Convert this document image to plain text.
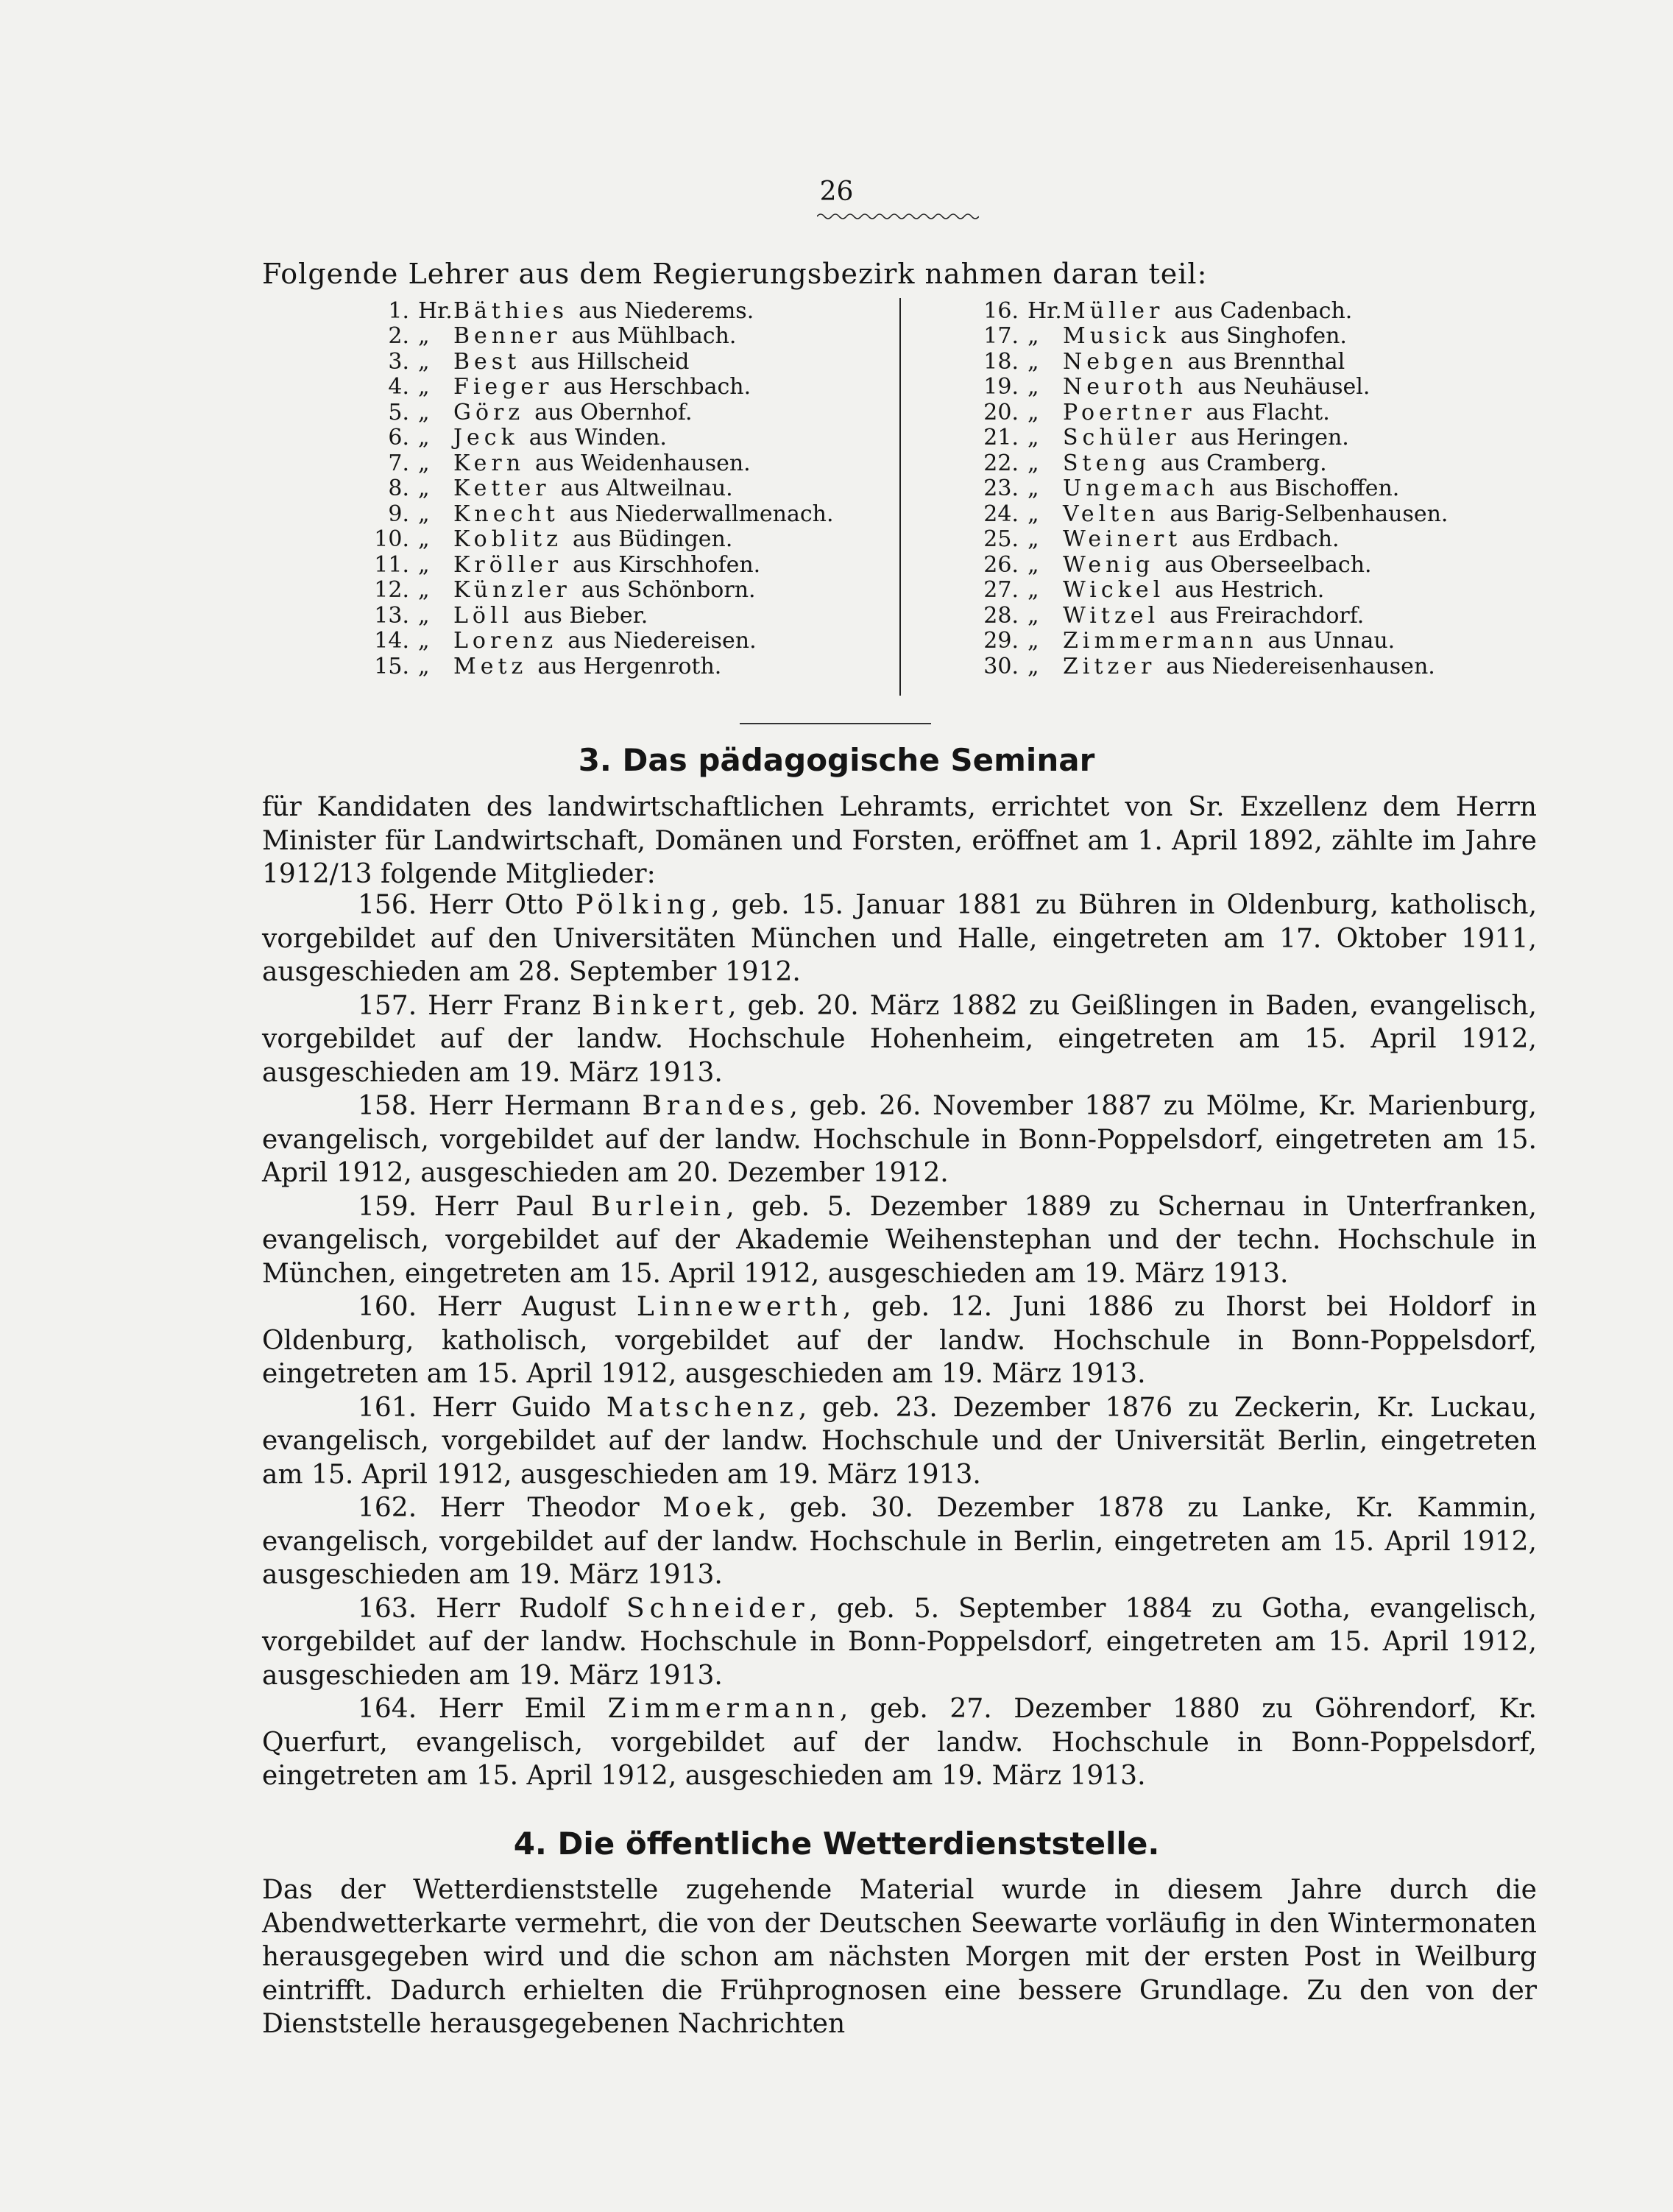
26
Folgende Lehrer aus dem Regierungsbezirk nahmen daran teil:
1. Hr. Bäthies aus Niederems.
2. „	Benner aus Mühlbach.
3. „	Best aus Hillscheid
4. „	Fieger aus Herschbach.
5. „	Görz aus Obernhof.
6. „	Jeck aus Winden.
7. „	Kern aus Weidenhausen.
8. „	Ketter aus Altweilnau.
9. „	Knecht aus Niederwallmenach.
10. „	Koblitz aus Büdingen.
11. „	Kröller aus Kirschhofen.
12. „	Künzler aus Schönborn.
13. „	Löll aus Bieber.
14. „	Lorenz aus Niedereisen.
15. „	Metz aus Hergenroth.
16. Hr. Müller aus Cadenbach.
17. „	Musick aus Singhofen.
18. „	Nebgen aus Brennthal
19. „	Neuroth aus Neuhäusel.
20. „	Poertner aus Flacht.
21. „	Schüler aus Heringen.
22. „	Steng aus Cramberg.
23. „	Ungemach aus Bischoffen.
24. „	Velten aus Barig-Selbenhausen.
25. „	Weinert aus Erdbach.
26. „	Wenig aus Oberseelbach.
27. „	Wickel aus Hestrich.
28. „	Witzel aus Freirachdorf.
29. „	Zimmermann aus Unnau.
30. „	Zitzer aus Niedereisenhausen.
3. Das pädagogische Seminar

für Kandidaten des landwirtschaftlichen Lehramts, errichtet von Sr. Exzellenz dem Herrn Minister für Landwirtschaft, Domänen und Forsten, eröffnet am 1. April 1892, zählte im Jahre 1912/13 folgende Mitglieder:

156. Herr Otto Pölking, geb. 15. Januar 1881 zu Bühren in Oldenburg, katholisch, vorgebildet auf den Universitäten München und Halle, eingetreten am 17. Oktober 1911, ausgeschieden am 28. September 1912.

157. Herr Franz Binkert, geb. 20. März 1882 zu Geißlingen in Baden, evangelisch, vorgebildet auf der landw. Hochschule Hohenheim, eingetreten am 15. April 1912, ausgeschieden am 19. März 1913.

158. Herr Hermann Brandes, geb. 26. November 1887 zu Mölme, Kr. Marienburg, evangelisch, vorgebildet auf der landw. Hochschule in Bonn-Poppelsdorf, eingetreten am 15. April 1912, ausgeschieden am 20. Dezember 1912.

159. Herr Paul Burlein, geb. 5. Dezember 1889 zu Schernau in Unterfranken, evangelisch, vorgebildet auf der Akademie Weihenstephan und der techn. Hochschule in München, eingetreten am 15. April 1912, ausgeschieden am 19. März 1913.

160. Herr August Linnewerth, geb. 12. Juni 1886 zu Ihorst bei Holdorf in Oldenburg, katholisch, vorgebildet auf der landw. Hochschule in Bonn-Poppelsdorf, eingetreten am 15. April 1912, ausgeschieden am 19. März 1913.

161. Herr Guido Matschenz, geb. 23. Dezember 1876 zu Zeckerin, Kr. Luckau, evangelisch, vorgebildet auf der landw. Hochschule und der Universität Berlin, eingetreten am 15. April 1912, ausgeschieden am 19. März 1913.

162. Herr Theodor Moek, geb. 30. Dezember 1878 zu Lanke, Kr. Kammin, evangelisch, vorgebildet auf der landw. Hochschule in Berlin, eingetreten am 15. April 1912, ausgeschieden am 19. März 1913.

163. Herr Rudolf Schneider, geb. 5. September 1884 zu Gotha, evangelisch, vorgebildet auf der landw. Hochschule in Bonn-Poppelsdorf, eingetreten am 15. April 1912, ausgeschieden am 19. März 1913.

164. Herr Emil Zimmermann, geb. 27. Dezember 1880 zu Göhrendorf, Kr. Querfurt, evangelisch, vorgebildet auf der landw. Hochschule in Bonn-Poppelsdorf, eingetreten am 15. April 1912, ausgeschieden am 19. März 1913.

4. Die öffentliche Wetterdienststelle.

Das der Wetterdienststelle zugehende Material wurde in diesem Jahre durch die Abendwetterkarte vermehrt, die von der Deutschen Seewarte vorläufig in den Wintermonaten herausgegeben wird und die schon am nächsten Morgen mit der ersten Post in Weilburg eintrifft. Dadurch erhielten die Frühprognosen eine bessere Grundlage. Zu den von der Dienststelle herausgegebenen Nachrichten
